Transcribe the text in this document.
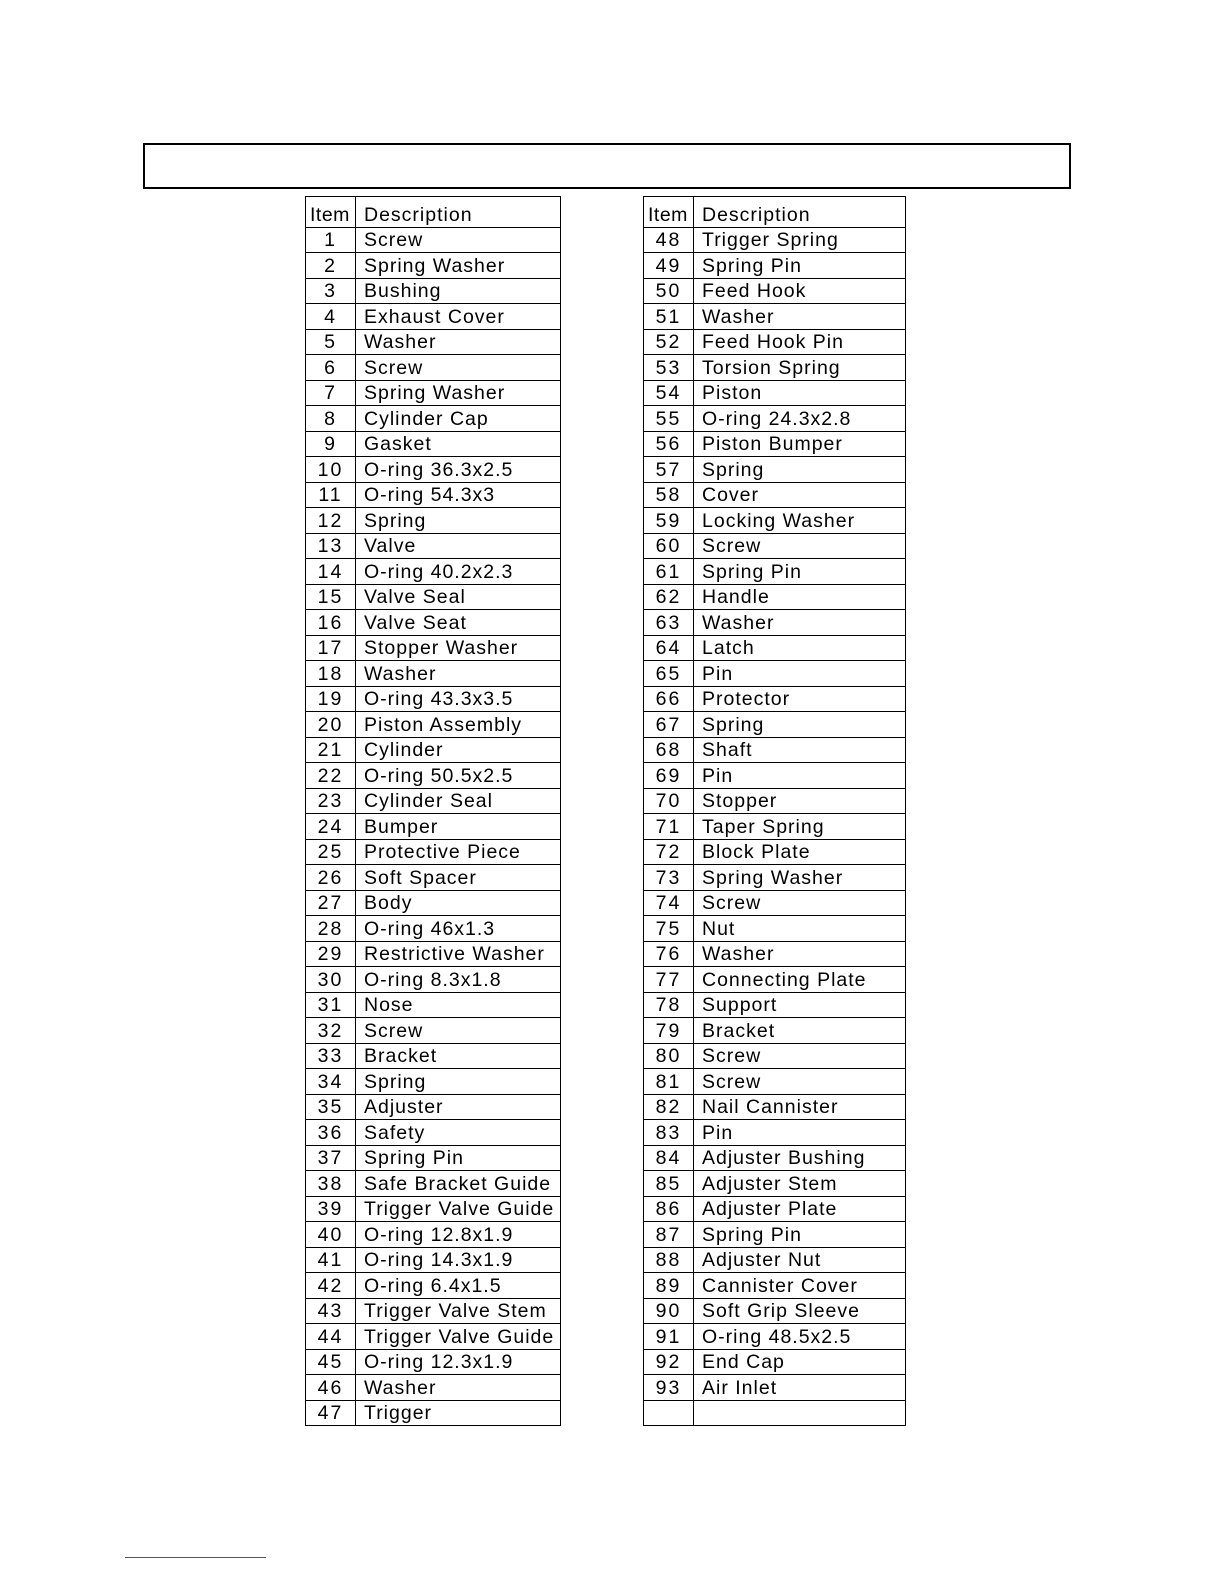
Item	Description
1	Screw
2	Spring Washer
3	Bushing
4	Exhaust Cover
5	Washer
6	Screw
7	Spring Washer
8	Cylinder Cap
9	Gasket
10	O-ring 36.3x2.5
11	O-ring 54.3x3
12	Spring
13	Valve
14	O-ring 40.2x2.3
15	Valve Seal
16	Valve Seat
17	Stopper Washer
18	Washer
19	O-ring 43.3x3.5
20	Piston Assembly
21	Cylinder
22	O-ring 50.5x2.5
23	Cylinder Seal
24	Bumper
25	Protective Piece
26	Soft Spacer
27	Body
28	O-ring 46x1.3
29	Restrictive Washer
30	O-ring 8.3x1.8
31	Nose
32	Screw
33	Bracket
34	Spring
35	Adjuster
36	Safety
37	Spring Pin
38	Safe Bracket Guide
39	Trigger Valve Guide
40	O-ring 12.8x1.9
41	O-ring 14.3x1.9
42	O-ring 6.4x1.5
43	Trigger Valve Stem
44	Trigger Valve Guide
45	O-ring 12.3x1.9
46	Washer
47	Trigger
Item	Description
48	Trigger Spring
49	Spring Pin
50	Feed Hook
51	Washer
52	Feed Hook Pin
53	Torsion Spring
54	Piston
55	O-ring 24.3x2.8
56	Piston Bumper
57	Spring
58	Cover
59	Locking Washer
60	Screw
61	Spring Pin
62	Handle
63	Washer
64	Latch
65	Pin
66	Protector
67	Spring
68	Shaft
69	Pin
70	Stopper
71	Taper Spring
72	Block Plate
73	Spring Washer
74	Screw
75	Nut
76	Washer
77	Connecting Plate
78	Support
79	Bracket
80	Screw
81	Screw
82	Nail Cannister
83	Pin
84	Adjuster Bushing
85	Adjuster Stem
86	Adjuster Plate
87	Spring Pin
88	Adjuster Nut
89	Cannister Cover
90	Soft Grip Sleeve
91	O-ring 48.5x2.5
92	End Cap
93	Air Inlet
